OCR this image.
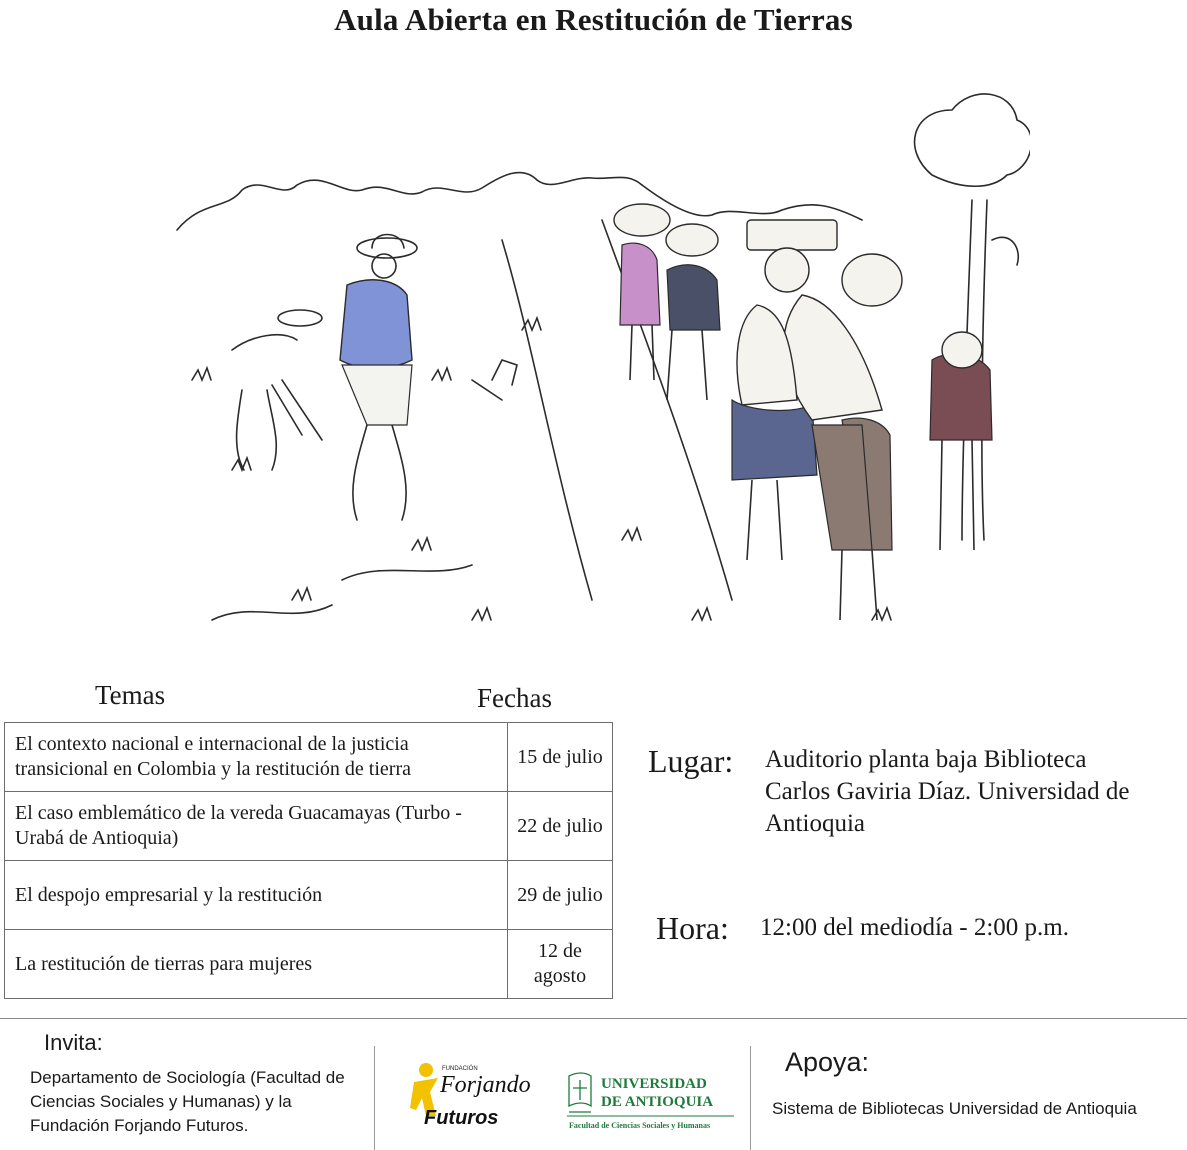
Aula Abierta en Restitución de Tierras
Temas	Fechas
El contexto nacional e internacional de la justicia transicional en Colombia y la restitución de tierra	15 de julio
El caso emblemático de la vereda Guacamayas (Turbo -Urabá de Antioquia)	22 de julio
El despojo empresarial y la restitución	29 de julio
La restitución de tierras para mujeres	12 de agosto
Lugar: Auditorio planta baja Biblioteca Carlos Gaviria Díaz. Universidad de Antioquia
Hora: 12:00 del mediodía - 2:00 p.m.
Invita:
Departamento de Sociología (Facultad de Ciencias Sociales y Humanas) y la Fundación Forjando Futuros.
FUNDACIÓN
Forjando
Futuros
UNIVERSIDAD
DE ANTIOQUIA
Facultad de Ciencias Sociales y Humanas
Apoya:
Sistema de Bibliotecas Universidad de Antioquia
